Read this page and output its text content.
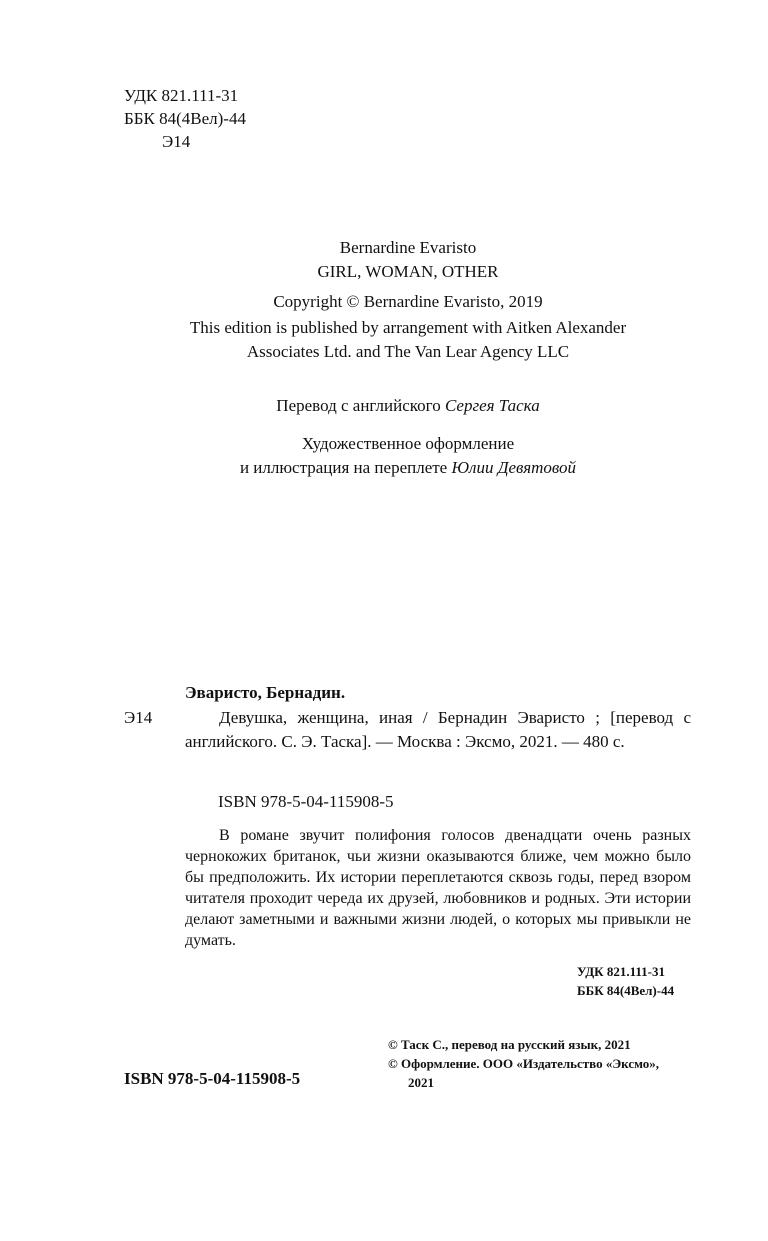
УДК 821.111-31
ББК 84(4Вел)-44
Э14
Bernardine Evaristo
GIRL, WOMAN, OTHER
Copyright © Bernardine Evaristo, 2019
This edition is published by arrangement with Aitken Alexander
Associates Ltd. and The Van Lear Agency LLC
Перевод с английского Сергея Таска
Художественное оформление
и иллюстрация на переплете Юлии Девятовой
Эваристо, Бернадин.
Э14	Девушка, женщина, иная / Бернадин Эваристо ; [перевод с английского. С. Э. Таска]. — Москва : Эксмо, 2021. — 480 с.
ISBN 978-5-04-115908-5
В романе звучит полифония голосов двенадцати очень разных чернокожих британок, чьи жизни оказываются ближе, чем можно было бы предположить. Их истории переплетаются сквозь годы, перед взором читателя проходит череда их друзей, любовников и родных. Эти истории делают заметными и важными жизни людей, о которых мы привыкли не думать.
УДК 821.111-31
ББК 84(4Вел)-44
© Таск С., перевод на русский язык, 2021
© Оформление. ООО «Издательство «Эксмо»,
2021
ISBN 978-5-04-115908-5
